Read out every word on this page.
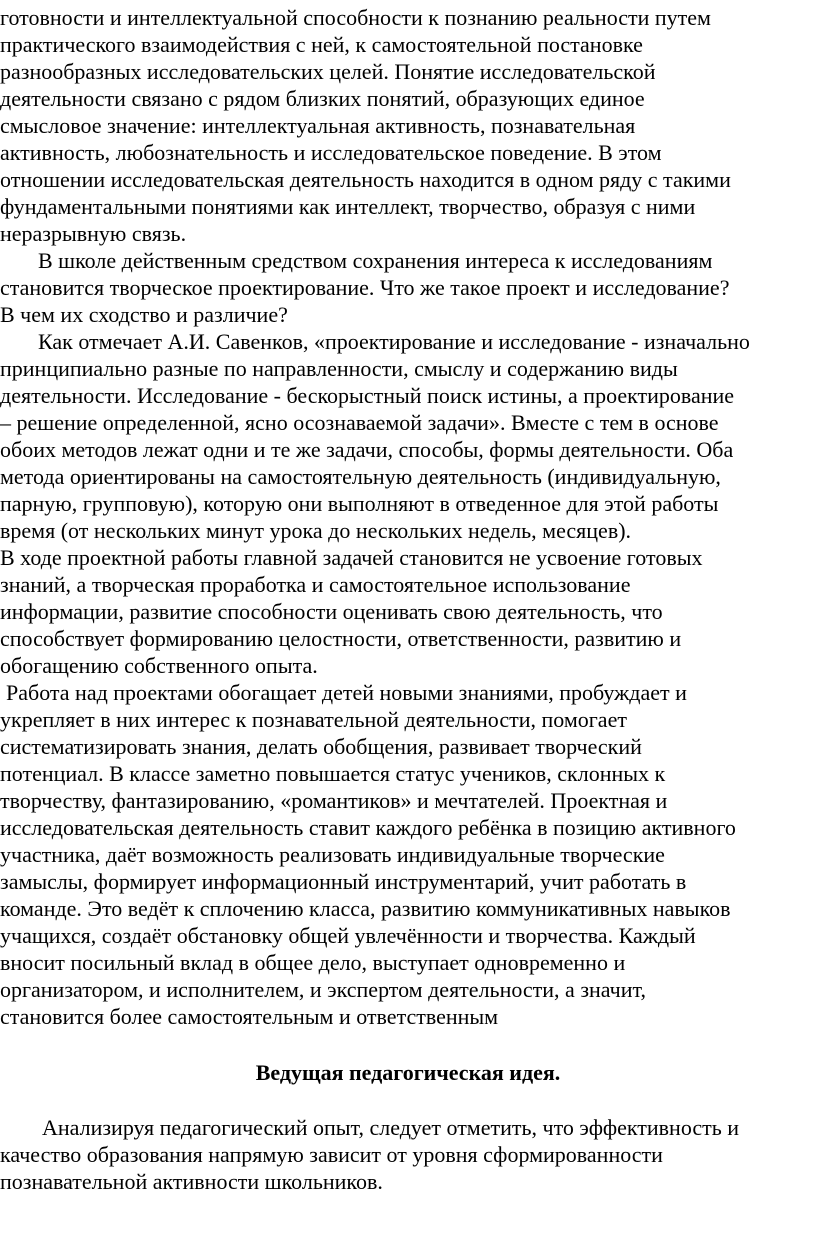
готовности и интеллектуальной способности к познанию реальности путем
практического взаимодействия с ней, к самостоятельной постановке
разнообразных исследовательских целей. Понятие исследовательской
деятельности связано с рядом близких понятий, образующих единое
смысловое значение: интеллектуальная активность, познавательная
активность, любознательность и исследовательское поведение. В этом
отношении исследовательская деятельность находится в одном ряду с такими
фундаментальными понятиями как интеллект, творчество, образуя с ними
неразрывную связь.
В школе действенным средством сохранения интереса к исследованиям
становится творческое проектирование. Что же такое проект и исследование?
В чем их сходство и различие?
Как отмечает А.И. Савенков, «проектирование и исследование - изначально
принципиально разные по направленности, смыслу и содержанию виды
деятельности. Исследование - бескорыстный поиск истины, а проектирование
– решение определенной, ясно осознаваемой задачи». Вместе с тем в основе
обоих методов лежат одни и те же задачи, способы, формы деятельности. Оба
метода ориентированы на самостоятельную деятельность (индивидуальную,
парную, групповую), которую они выполняют в отведенное для этой работы
время (от нескольких минут урока до нескольких недель, месяцев).
В ходе проектной работы главной задачей становится не усвоение готовых
знаний, а творческая проработка и самостоятельное использование
информации, развитие способности оценивать свою деятельность, что
способствует формированию целостности, ответственности, развитию и
обогащению собственного опыта.
Работа над проектами обогащает детей новыми знаниями, пробуждает и
укрепляет в них интерес к познавательной деятельности, помогает
систематизировать знания, делать обобщения, развивает творческий
потенциал. В классе заметно повышается статус учеников, склонных к
творчеству, фантазированию, «романтиков» и мечтателей. Проектная и
исследовательская деятельность ставит каждого ребёнка в позицию активного
участника, даёт возможность реализовать индивидуальные творческие
замыслы, формирует информационный инструментарий, учит работать в
команде. Это ведёт к сплочению класса, развитию коммуникативных навыков
учащихся, создаёт обстановку общей увлечённости и творчества. Каждый
вносит посильный вклад в общее дело, выступает одновременно и
организатором, и исполнителем, и экспертом деятельности, а значит,
становится более самостоятельным и ответственным
Ведущая педагогическая идея.
Анализируя педагогический опыт, следует отметить, что эффективность и
качество образования напрямую зависит от уровня сформированности
познавательной активности школьников.
